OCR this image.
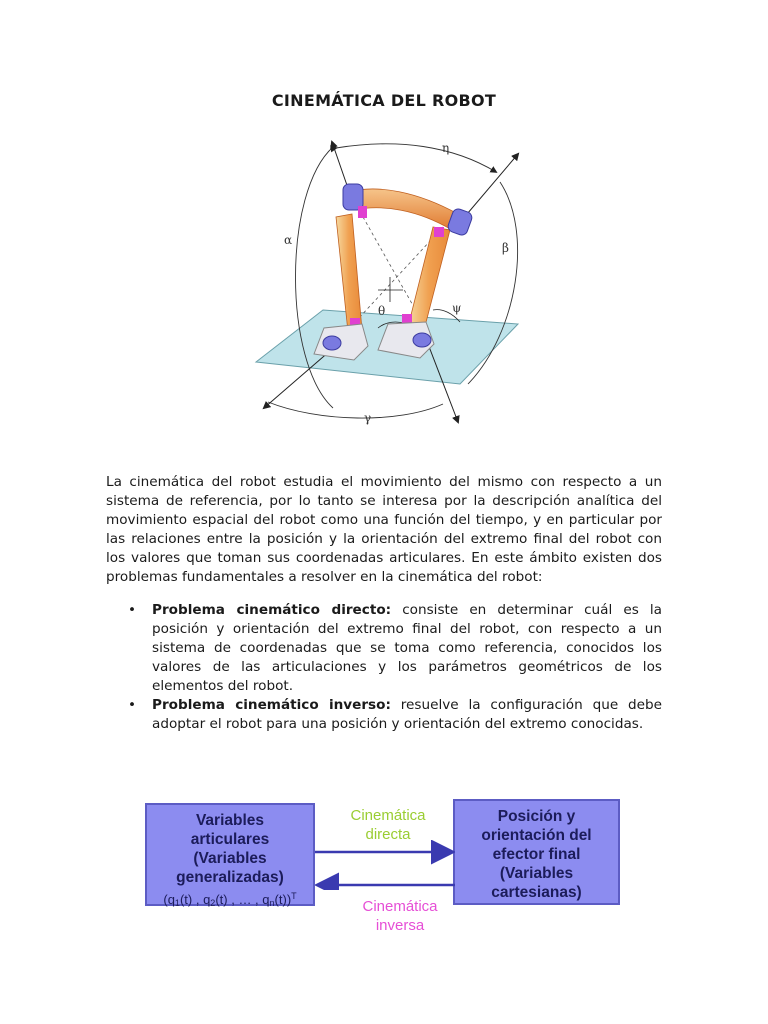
CINEMÁTICA DEL ROBOT
η
α
β
ψ
θ
γ

La cinemática del robot estudia el movimiento del mismo con respecto a un sistema de referencia, por lo tanto se interesa por la descripción analítica del movimiento espacial del robot como una función del tiempo, y en particular por las relaciones entre la posición y la orientación del extremo final del robot con los valores que toman sus coordenadas articulares. En este ámbito existen dos problemas fundamentales a resolver en la cinemática del robot:

• Problema cinemático directo: consiste en determinar cuál es la posición y orientación del extremo final del robot, con respecto a un sistema de coordenadas que se toma como referencia, conocidos los valores de las articulaciones y los parámetros geométricos de los elementos del robot.
• Problema cinemático inverso: resuelve la configuración que debe adoptar el robot para una posición y orientación del extremo conocidas.
Variables
articulares
(Variables
generalizadas)
($q_1(t)$ , $q_2(t)$ , … , $q_n(t))^T$
Posición y
orientación del
efector final
(Variables
cartesianas)
Cinemática
directa
Cinemática
inversa
